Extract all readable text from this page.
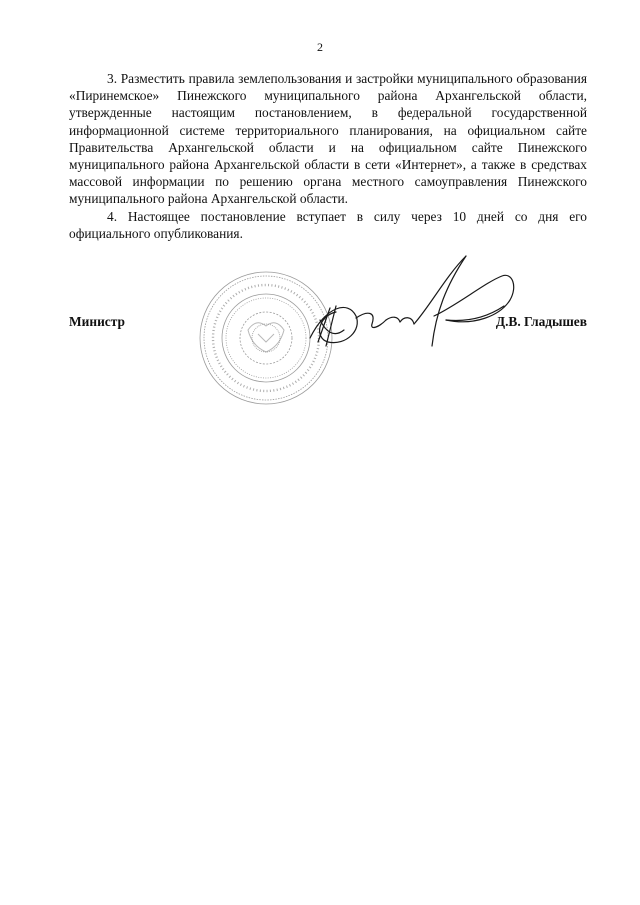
2

3. Разместить правила землепользования и застройки муниципального образования «Пиринемское» Пинежского муниципального района Архангельской области, утвержденные настоящим постановлением, в федеральной государственной информационной системе территориального планирования, на официальном сайте Правительства Архангельской области и на официальном сайте Пинежского муниципального района Архангельской области в сети «Интернет», а также в средствах массовой информации по решению органа местного самоуправления Пинежского муниципального района Архангельской области.

4. Настоящее постановление вступает в силу через 10 дней со дня его официального опубликования.

Министр	Д.В. Гладышев
